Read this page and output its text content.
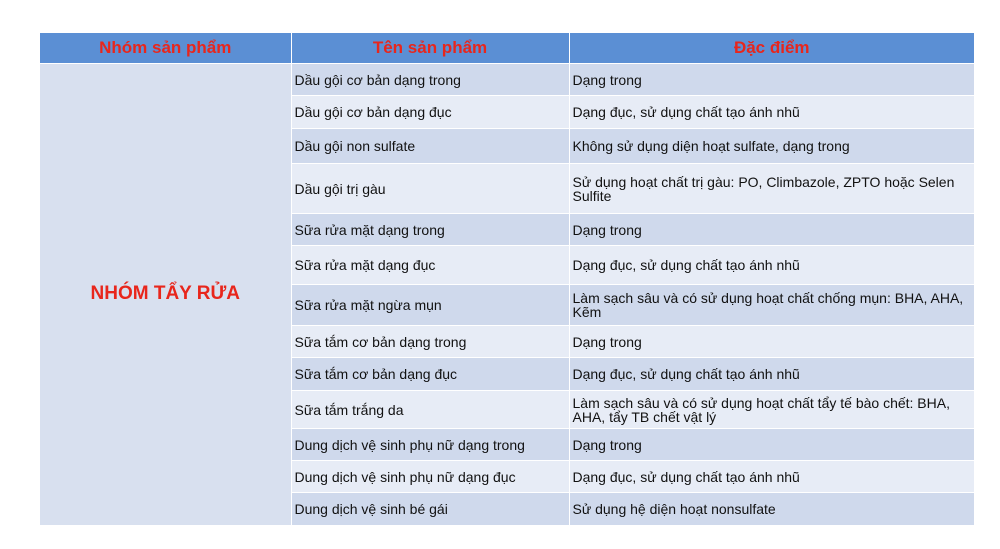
Nhóm sản phẩm	Tên sản phẩm	Đặc điểm
NHÓM TẨY RỬA	Dầu gội cơ bản dạng trong	Dạng trong
	Dầu gội cơ bản dạng đục	Dạng đục, sử dụng chất tạo ánh nhũ
	Dầu gội non sulfate	Không sử dụng diện hoạt sulfate, dạng trong
	Dầu gội trị gàu	Sử dụng hoạt chất trị gàu: PO, Climbazole, ZPTO hoặc Selen Sulfite
	Sữa rửa mặt dạng trong	Dạng trong
	Sữa rửa mặt dạng đục	Dạng đục, sử dụng chất tạo ánh nhũ
	Sữa rửa mặt ngừa mụn	Làm sạch sâu và có sử dụng hoạt chất chống mụn: BHA, AHA, Kẽm
	Sữa tắm cơ bản dạng trong	Dạng trong
	Sữa tắm cơ bản dạng đục	Dạng đục, sử dụng chất tạo ánh nhũ
	Sữa tắm trắng da	Làm sạch sâu và có sử dụng hoạt chất tẩy tế bào chết: BHA, AHA, tẩy TB chết vật lý
	Dung dịch vệ sinh phụ nữ dạng trong	Dạng trong
	Dung dịch vệ sinh phụ nữ dạng đục	Dạng đục, sử dụng chất tạo ánh nhũ
	Dung dịch vệ sinh bé gái	Sử dụng hệ diện hoạt nonsulfate
